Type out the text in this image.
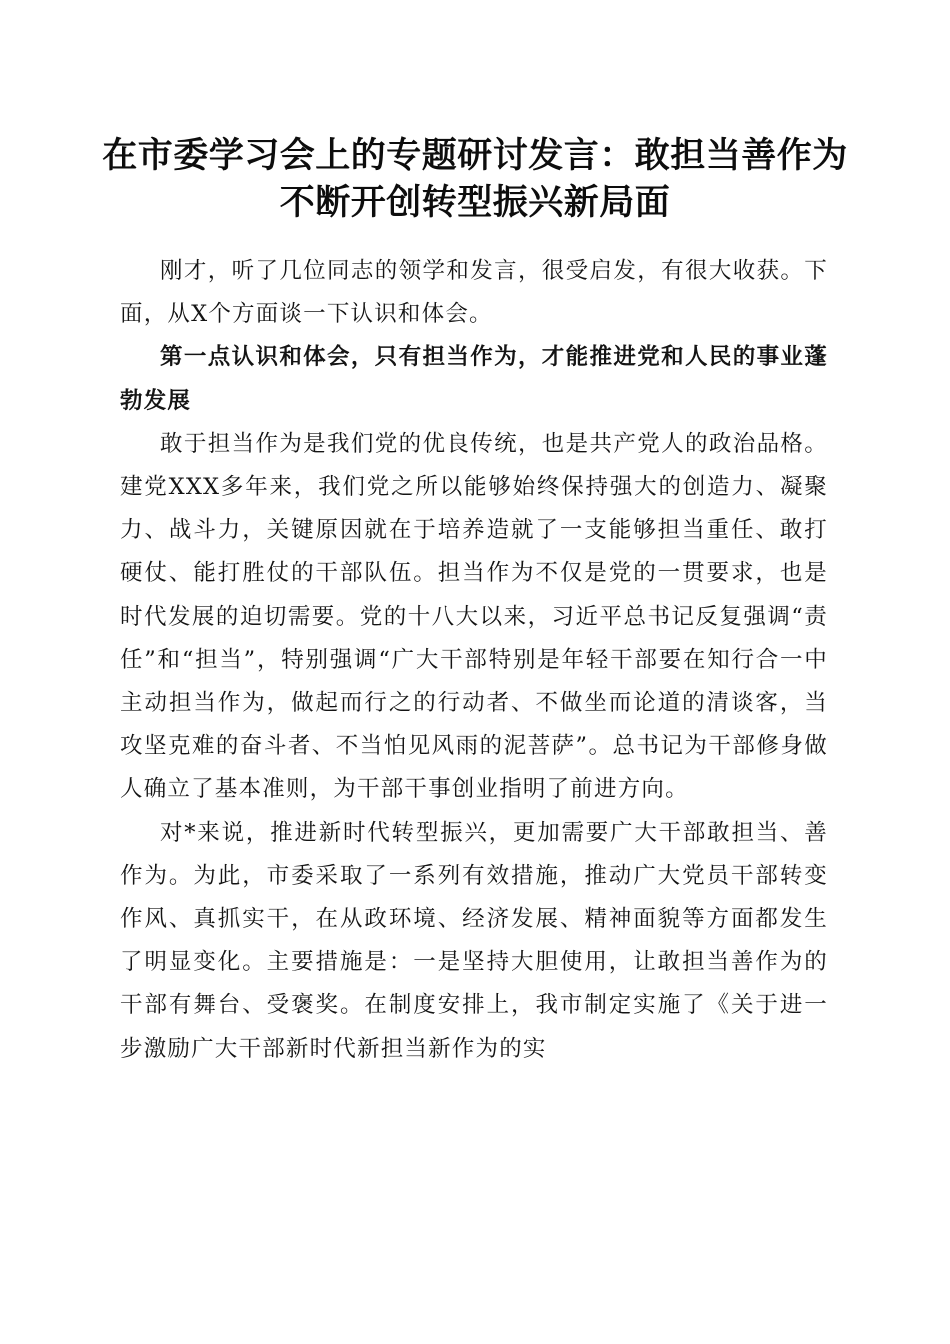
在市委学习会上的专题研讨发言：敢担当善作为不断开创转型振兴新局面

刚才，听了几位同志的领学和发言，很受启发，有很大收获。下面，从X个方面谈一下认识和体会。

第一点认识和体会，只有担当作为，才能推进党和人民的事业蓬勃发展

敢于担当作为是我们党的优良传统，也是共产党人的政治品格。建党XXX多年来，我们党之所以能够始终保持强大的创造力、凝聚力、战斗力，关键原因就在于培养造就了一支能够担当重任、敢打硬仗、能打胜仗的干部队伍。担当作为不仅是党的一贯要求，也是时代发展的迫切需要。党的十八大以来，习近平总书记反复强调“责任”和“担当”，特别强调“广大干部特别是年轻干部要在知行合一中主动担当作为，做起而行之的行动者、不做坐而论道的清谈客，当攻坚克难的奋斗者、不当怕见风雨的泥菩萨”。总书记为干部修身做人确立了基本准则，为干部干事创业指明了前进方向。

对*来说，推进新时代转型振兴，更加需要广大干部敢担当、善作为。为此，市委采取了一系列有效措施，推动广大党员干部转变作风、真抓实干，在从政环境、经济发展、精神面貌等方面都发生了明显变化。主要措施是：一是坚持大胆使用，让敢担当善作为的干部有舞台、受褒奖。在制度安排上，我市制定实施了《关于进一步激励广大干部新时代新担当新作为的实
